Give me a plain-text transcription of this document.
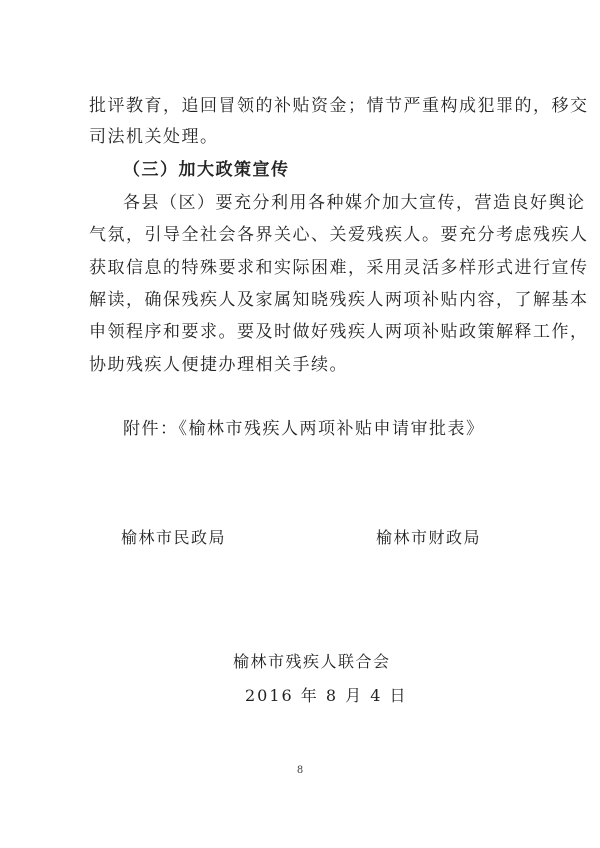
批评教育，追回冒领的补贴资金；情节严重构成犯罪的，移交
司法机关处理。
（三）加大政策宣传
各县（区）要充分利用各种媒介加大宣传，营造良好舆论
气氛，引导全社会各界关心、关爱残疾人。要充分考虑残疾人
获取信息的特殊要求和实际困难，采用灵活多样形式进行宣传
解读，确保残疾人及家属知晓残疾人两项补贴内容，了解基本
申领程序和要求。要及时做好残疾人两项补贴政策解释工作，
协助残疾人便捷办理相关手续。
附件：《榆林市残疾人两项补贴申请审批表》
榆林市民政局	榆林市财政局
榆林市残疾人联合会
2016 年 8 月 4 日
8
